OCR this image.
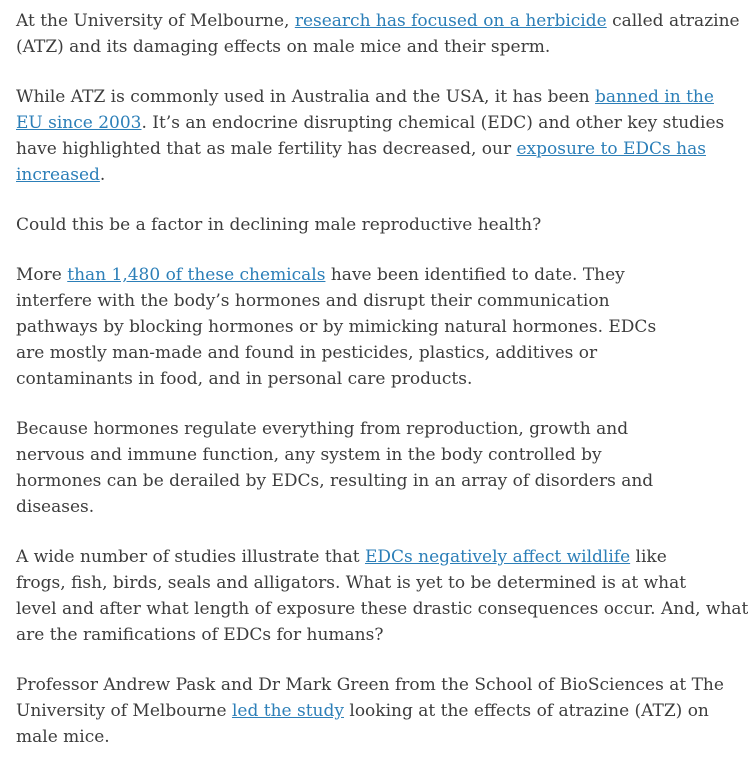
At the University of Melbourne, research has focused on a herbicide called atrazine
(ATZ) and its damaging effects on male mice and their sperm.

While ATZ is commonly used in Australia and the USA, it has been banned in the
EU since 2003. It’s an endocrine disrupting chemical (EDC) and other key studies
have highlighted that as male fertility has decreased, our exposure to EDCs has
increased.

Could this be a factor in declining male reproductive health?

More than 1,480 of these chemicals have been identified to date. They
interfere with the body’s hormones and disrupt their communication
pathways by blocking hormones or by mimicking natural hormones. EDCs
are mostly man-made and found in pesticides, plastics, additives or
contaminants in food, and in personal care products.

Because hormones regulate everything from reproduction, growth and
nervous and immune function, any system in the body controlled by
hormones can be derailed by EDCs, resulting in an array of disorders and
diseases.

A wide number of studies illustrate that EDCs negatively affect wildlife like
frogs, fish, birds, seals and alligators. What is yet to be determined is at what
level and after what length of exposure these drastic consequences occur. And, what
are the ramifications of EDCs for humans?

Professor Andrew Pask and Dr Mark Green from the School of BioSciences at The
University of Melbourne led the study looking at the effects of atrazine (ATZ) on
male mice.
